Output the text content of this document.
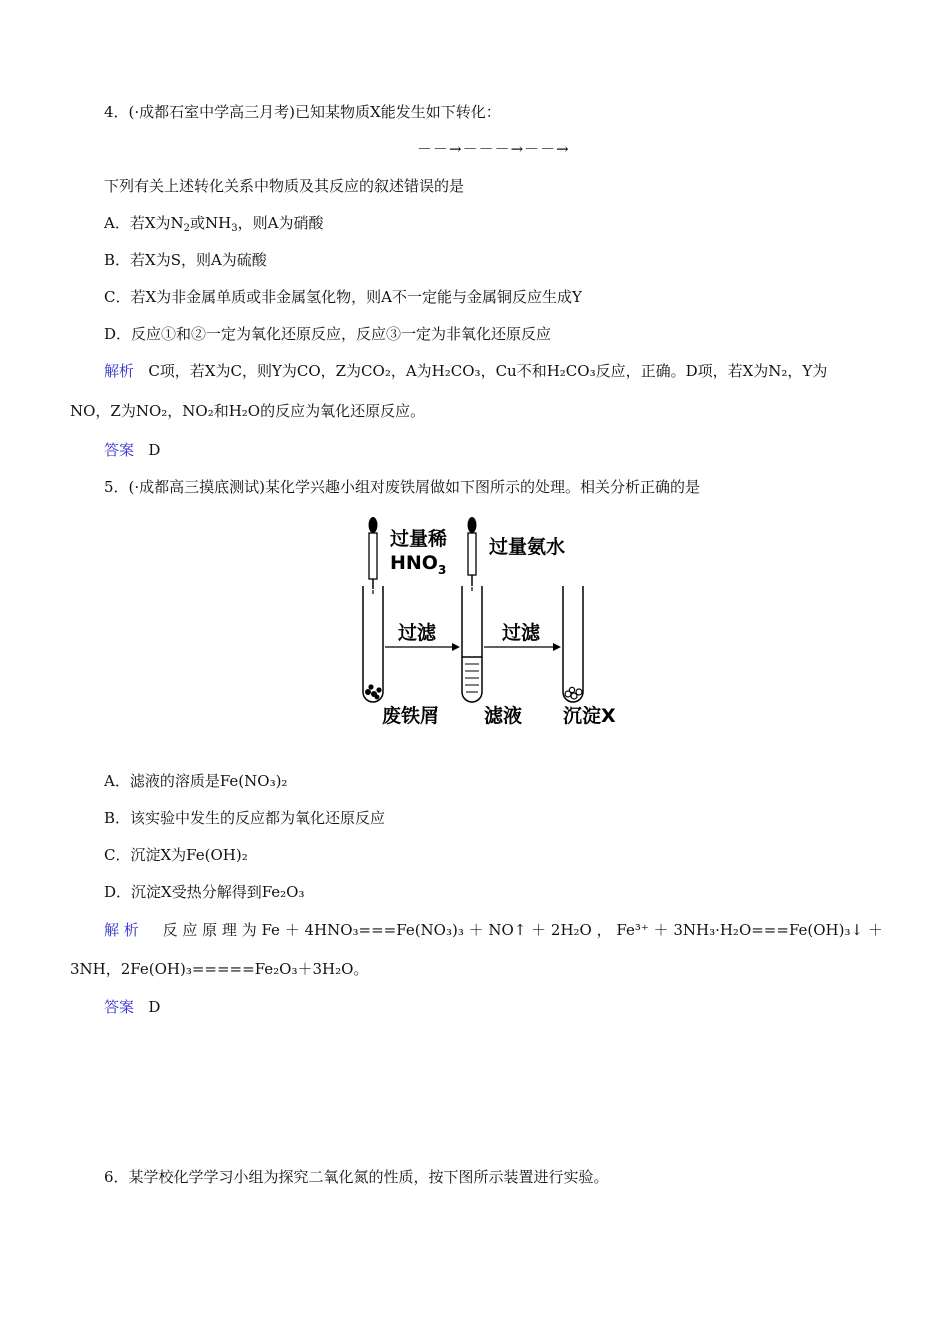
4．(·成都石室中学高三月考)已知某物质X能发生如下转化：
－－→－－－→－－→
下列有关上述转化关系中物质及其反应的叙述错误的是
A．若X为$N_2$或$NH_3$，则A为硝酸
B．若X为S，则A为硫酸
C．若X为非金属单质或非金属氢化物，则A不一定能与金属铜反应生成Y
D．反应①和②一定为氧化还原反应，反应③一定为非氧化还原反应
解析 C项，若X为C，则Y为CO，Z为CO₂，A为H₂CO₃，Cu不和H₂CO₃反应，正确。D项，若X为N₂，Y为
NO，Z为NO₂，NO₂和H₂O的反应为氧化还原反应。
答案 D
5．(·成都高三摸底测试)某化学兴趣小组对废铁屑做如下图所示的处理。相关分析正确的是
过量稀
$HNO_3$
过量氨水
过滤	过滤
废铁屑 滤液 沉淀X
A．滤液的溶质是Fe(NO₃)₂
B．该实验中发生的反应都为氧化还原反应
C．沉淀X为Fe(OH)₂
D．沉淀X受热分解得到Fe₂O₃
解 析 反 应 原 理 为 Fe ＋ 4HNO₃===Fe(NO₃)₃ ＋ NO↑ ＋ 2H₂O ， Fe³⁺ ＋ 3NH₃·H₂O===Fe(OH)₃↓ ＋
3NH，2Fe(OH)₃=====Fe₂O₃＋3H₂O。
答案 D
6．某学校化学学习小组为探究二氧化氮的性质，按下图所示装置进行实验。
